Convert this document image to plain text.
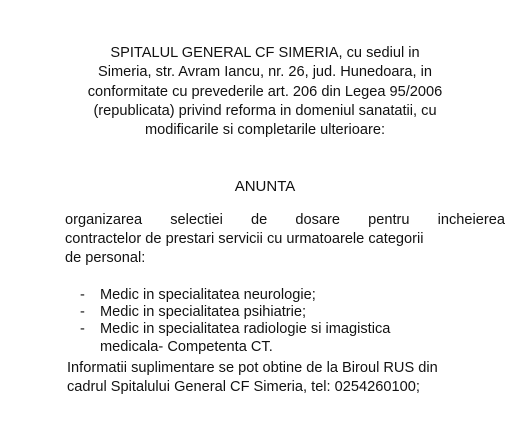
SPITALUL GENERAL CF SIMERIA, cu sediul in
Simeria, str. Avram Iancu, nr. 26, jud. Hunedoara, in
conformitate cu prevederile art. 206 din Legea 95/2006
(republicata) privind reforma in domeniul sanatatii, cu
modificarile si completarile ulterioare:
ANUNTA
organizarea selectiei de dosare pentru incheierea
contractelor de prestari servicii cu urmatoarele categorii
de personal:
- Medic in specialitatea neurologie;
- Medic in specialitatea psihiatrie;
- Medic in specialitatea radiologie si imagistica
medicala- Competenta CT.
Informatii suplimentare se pot obtine de la Biroul RUS din
cadrul Spitalului General CF Simeria, tel: 0254260100;
